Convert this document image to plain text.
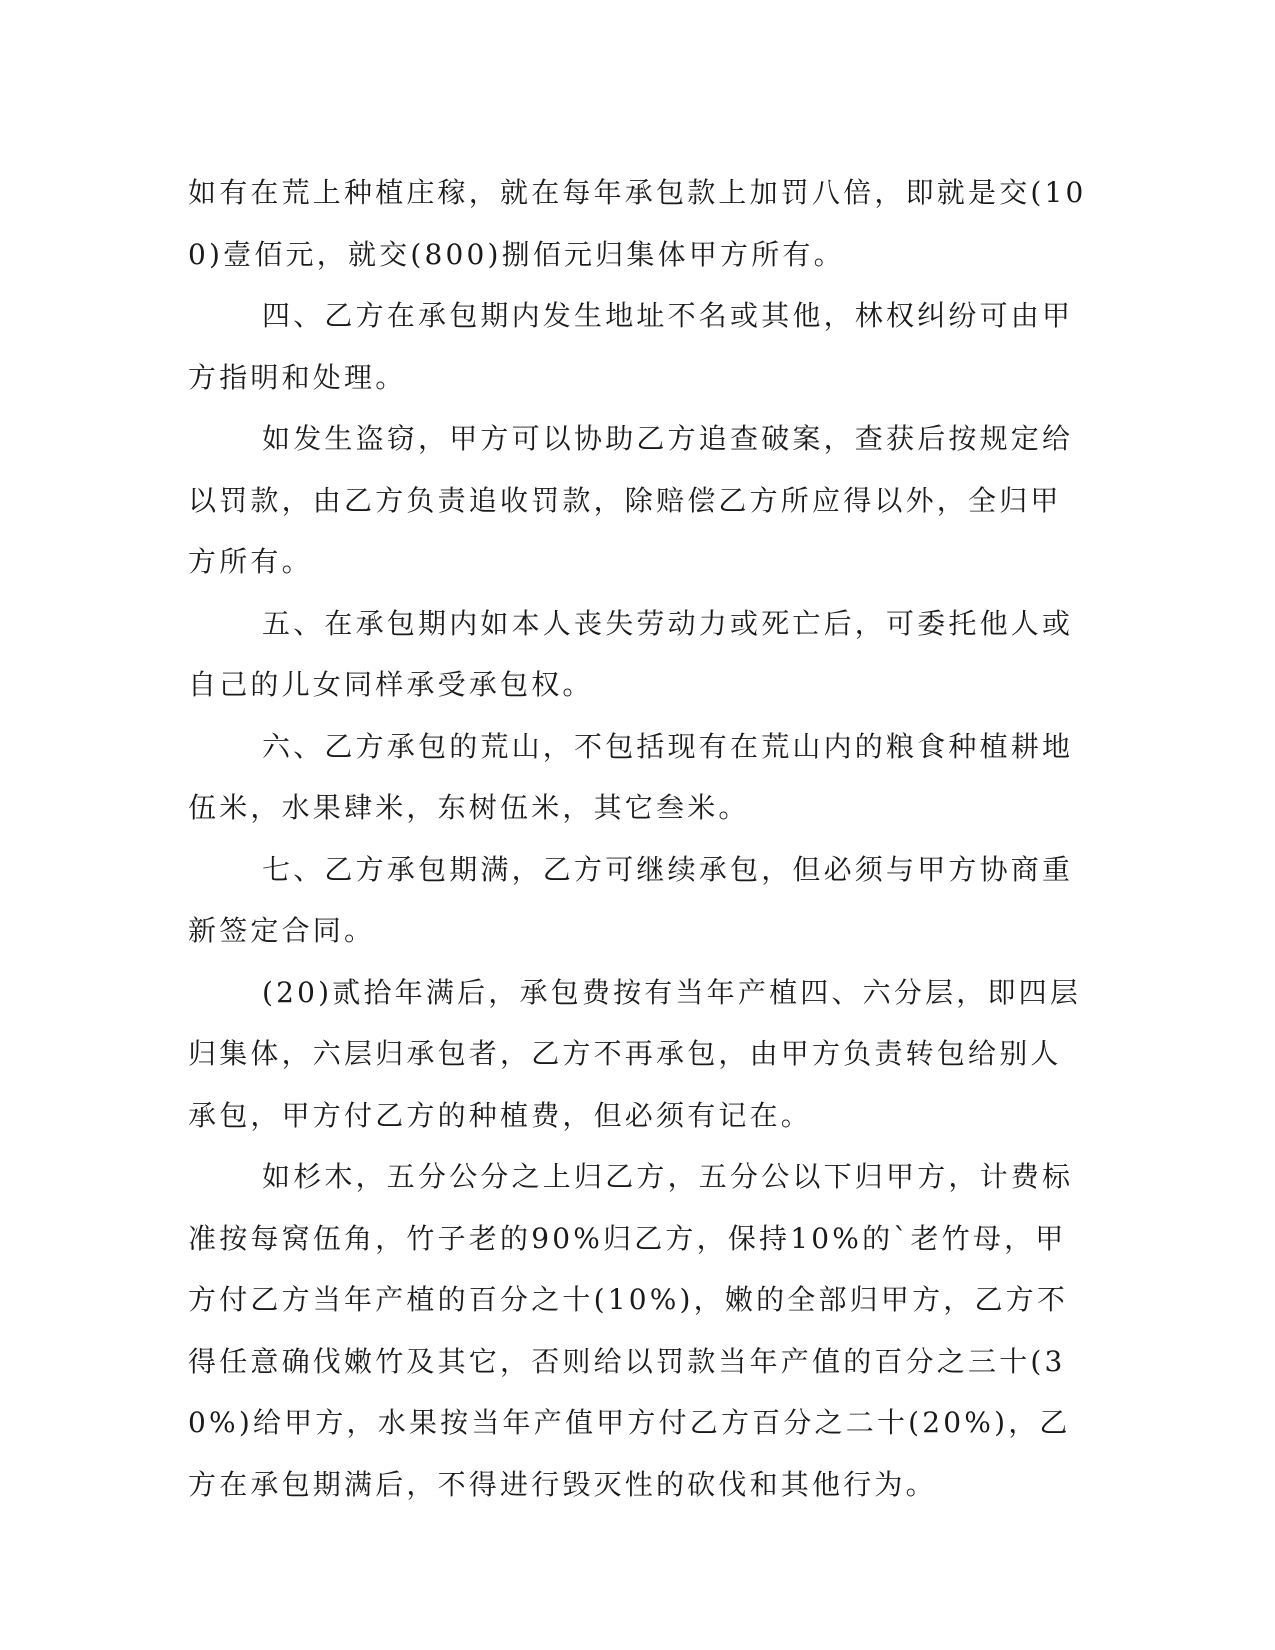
如有在荒上种植庄稼，就在每年承包款上加罚八倍，即就是交(100)壹佰元，就交(800)捌佰元归集体甲方所有。

四、乙方在承包期内发生地址不名或其他，林权纠纷可由甲方指明和处理。

如发生盗窃，甲方可以协助乙方追查破案，查获后按规定给以罚款，由乙方负责追收罚款，除赔偿乙方所应得以外，全归甲方所有。

五、在承包期内如本人丧失劳动力或死亡后，可委托他人或自己的儿女同样承受承包权。

六、乙方承包的荒山，不包括现有在荒山内的粮食种植耕地伍米，水果肆米，东树伍米，其它叁米。

七、乙方承包期满，乙方可继续承包，但必须与甲方协商重新签定合同。

(20)贰拾年满后，承包费按有当年产植四、六分层，即四层归集体，六层归承包者，乙方不再承包，由甲方负责转包给别人承包，甲方付乙方的种植费，但必须有记在。

如杉木，五分公分之上归乙方，五分公以下归甲方，计费标准按每窝伍角，竹子老的90%归乙方，保持10%的`老竹母，甲方付乙方当年产植的百分之十(10%)，嫩的全部归甲方，乙方不得任意确伐嫩竹及其它，否则给以罚款当年产值的百分之三十(30%)给甲方，水果按当年产值甲方付乙方百分之二十(20%)，乙方在承包期满后，不得进行毁灭性的砍伐和其他行为。
